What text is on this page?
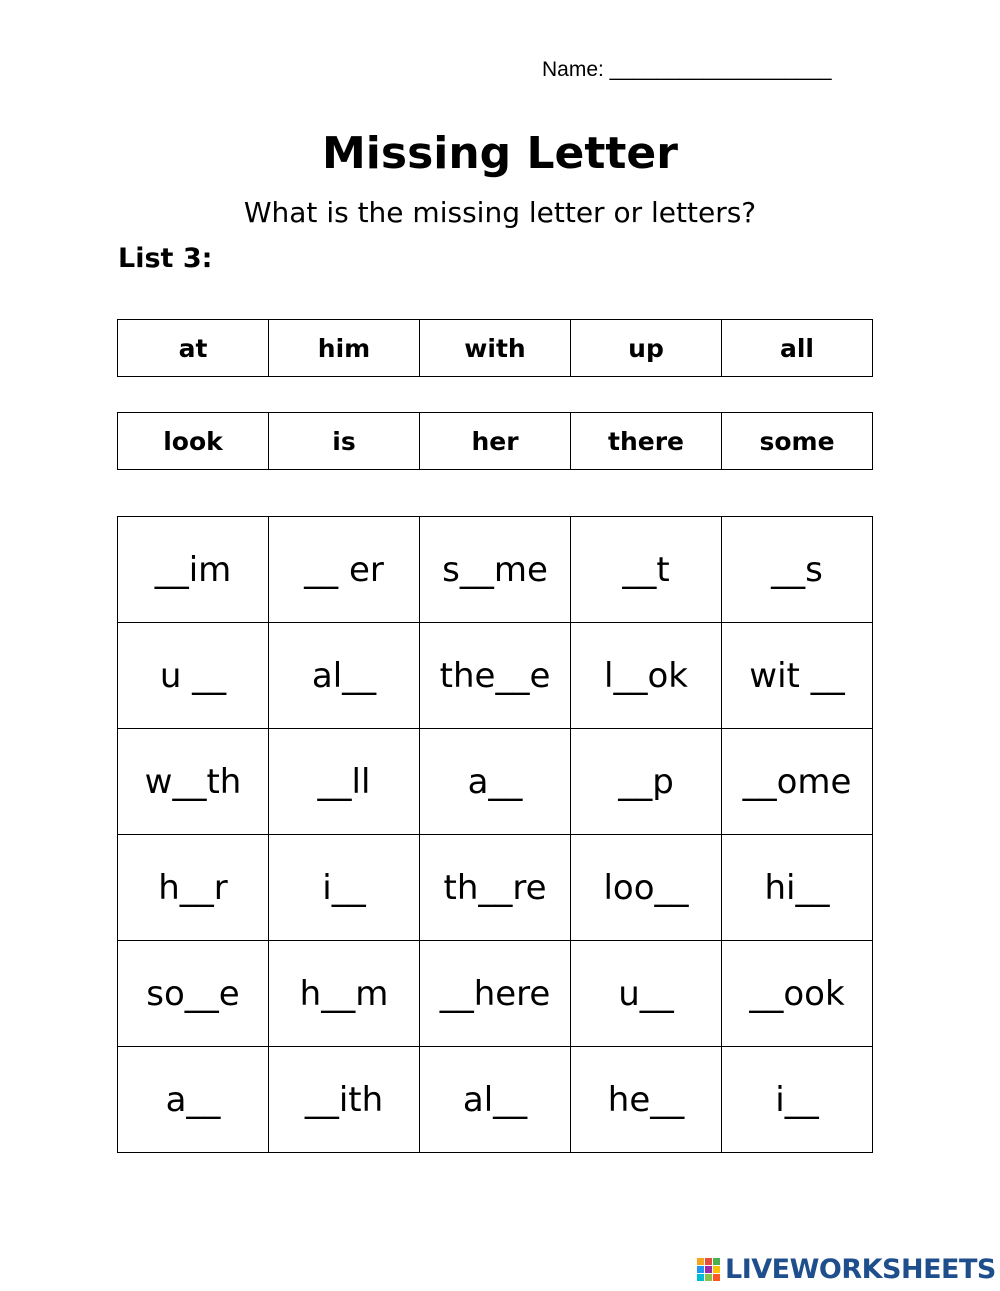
Name: ___________________
Missing Letter
What is the missing letter or letters?
List 3:
at	him	with	up	all
look	is	her	there	some
__im	__ er	s__me	__t	__s
u __	al__	the__e	l__ok	wit __
w__th	__ll	a__	__p	__ome
h__r	i__	th__re	loo__	hi__
so__e	h__m	__here	u__	__ook
a__	__ith	al__	he__	i__
LIVEWORKSHEETS
